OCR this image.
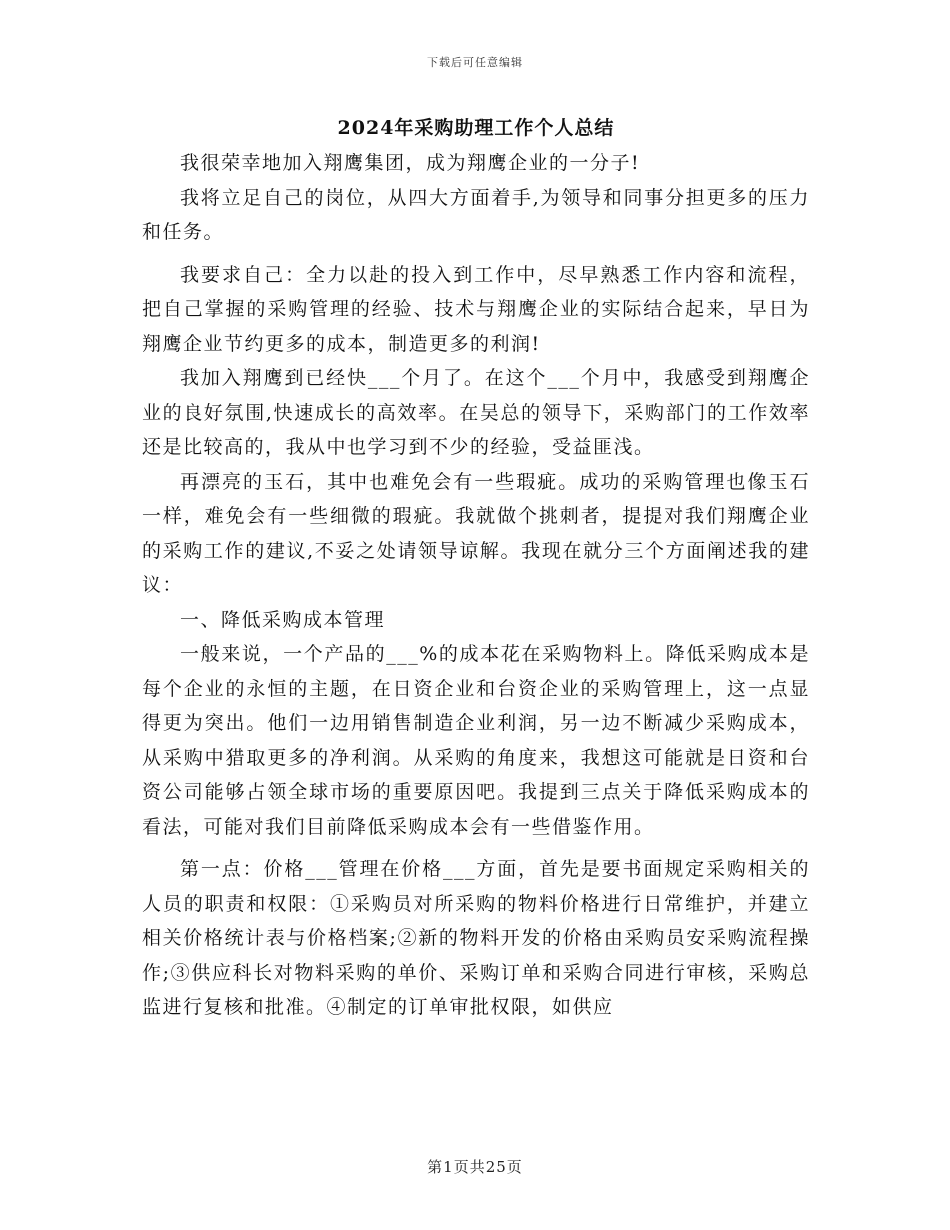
下载后可任意编辑
2024年采购助理工作个人总结

我很荣幸地加入翔鹰集团，成为翔鹰企业的一分子!

我将立足自己的岗位，从四大方面着手,为领导和同事分担更多的压力和任务。

我要求自己：全力以赴的投入到工作中，尽早熟悉工作内容和流程，把自己掌握的采购管理的经验、技术与翔鹰企业的实际结合起来，早日为翔鹰企业节约更多的成本，制造更多的利润!

我加入翔鹰到已经快___个月了。在这个___个月中，我感受到翔鹰企业的良好氛围,快速成长的高效率。在吴总的领导下，采购部门的工作效率还是比较高的，我从中也学习到不少的经验，受益匪浅。

再漂亮的玉石，其中也难免会有一些瑕疵。成功的采购管理也像玉石一样，难免会有一些细微的瑕疵。我就做个挑刺者，提提对我们翔鹰企业的采购工作的建议,不妥之处请领导谅解。我现在就分三个方面阐述我的建议：

一、降低采购成本管理

一般来说，一个产品的___%的成本花在采购物料上。降低采购成本是每个企业的永恒的主题，在日资企业和台资企业的采购管理上，这一点显得更为突出。他们一边用销售制造企业利润，另一边不断减少采购成本，从采购中猎取更多的净利润。从采购的角度来，我想这可能就是日资和台资公司能够占领全球市场的重要原因吧。我提到三点关于降低采购成本的看法，可能对我们目前降低采购成本会有一些借鉴作用。

第一点：价格___管理在价格___方面，首先是要书面规定采购相关的人员的职责和权限：①采购员对所采购的物料价格进行日常维护，并建立相关价格统计表与价格档案;②新的物料开发的价格由采购员安采购流程操作;③供应科长对物料采购的单价、采购订单和采购合同进行审核，采购总监进行复核和批准。④制定的订单审批权限，如供应

第1页共25页
